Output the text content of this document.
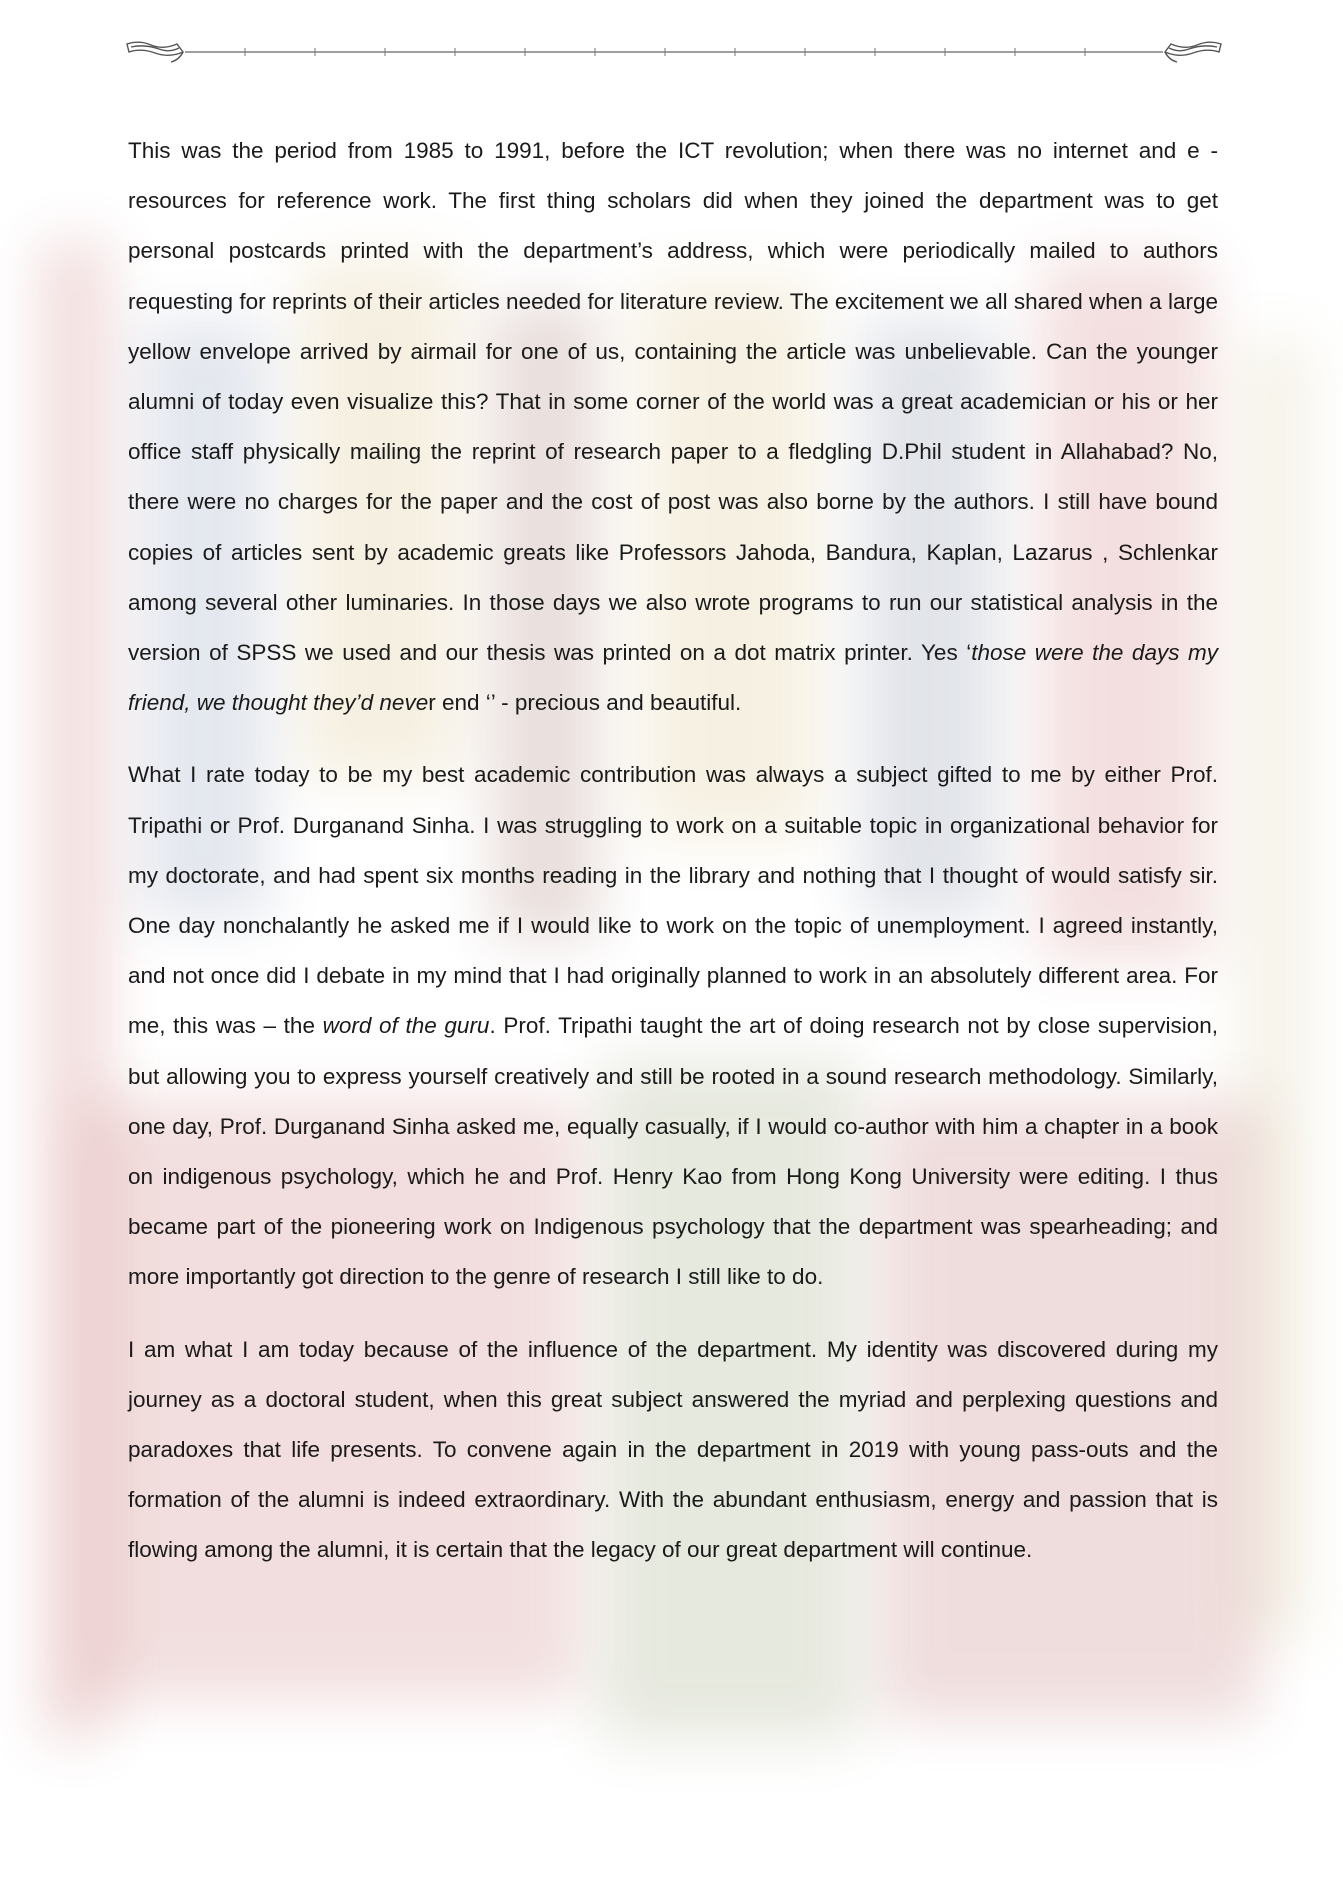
This was the period from 1985 to 1991, before the ICT revolution; when there was no internet and e - resources for reference work. The first thing scholars did when they joined the department was to get personal postcards printed with the department’s address, which were periodically mailed to authors requesting for reprints of their articles needed for literature review. The excitement we all shared when a large yellow envelope arrived by airmail for one of us, containing the article was unbelievable. Can the younger alumni of today even visualize this? That in some corner of the world was a great academician or his or her office staff physically mailing the reprint of research paper to a fledgling D.Phil student in Allahabad? No, there were no charges for the paper and the cost of post was also borne by the authors. I still have bound copies of articles sent by academic greats like Professors Jahoda, Bandura, Kaplan, Lazarus , Schlenkar among several other luminaries. In those days we also wrote programs to run our statistical analysis in the version of SPSS we used and our thesis was printed on a dot matrix printer. Yes ‘those were the days my friend, we thought they’d never end ‘’ - precious and beautiful.

What I rate today to be my best academic contribution was always a subject gifted to me by either Prof. Tripathi or Prof. Durganand Sinha. I was struggling to work on a suitable topic in organizational behavior for my doctorate, and had spent six months reading in the library and nothing that I thought of would satisfy sir. One day nonchalantly he asked me if I would like to work on the topic of unemployment. I agreed instantly, and not once did I debate in my mind that I had originally planned to work in an absolutely different area. For me, this was – the word of the guru. Prof. Tripathi taught the art of doing research not by close supervision, but allowing you to express yourself creatively and still be rooted in a sound research methodology. Similarly, one day, Prof. Durganand Sinha asked me, equally casually, if I would co-author with him a chapter in a book on indigenous psychology, which he and Prof. Henry Kao from Hong Kong University were editing. I thus became part of the pioneering work on Indigenous psychology that the department was spearheading; and more importantly got direction to the genre of research I still like to do.

I am what I am today because of the influence of the department. My identity was discovered during my journey as a doctoral student, when this great subject answered the myriad and perplexing questions and paradoxes that life presents. To convene again in the department in 2019 with young pass-outs and the formation of the alumni is indeed extraordinary. With the abundant enthusiasm, energy and passion that is flowing among the alumni, it is certain that the legacy of our great department will continue.
